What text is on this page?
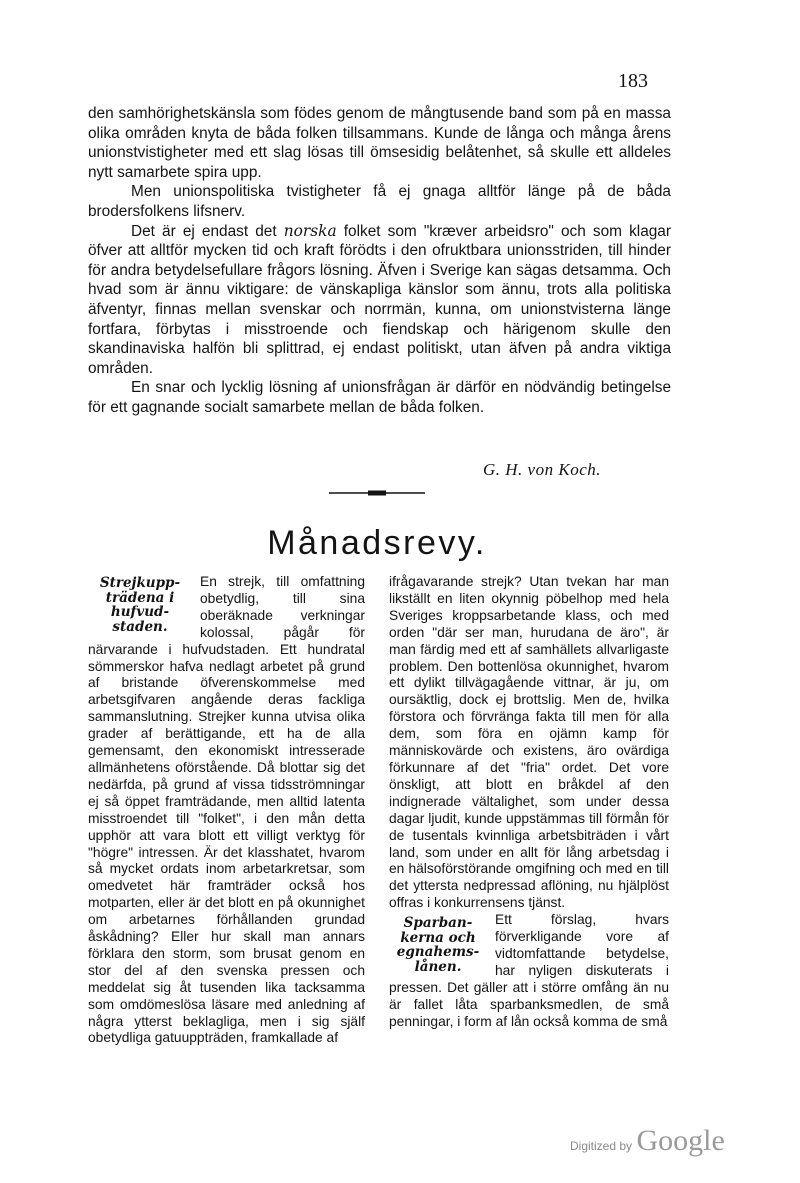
183

den samhörighetskänsla som födes genom de mångtusende band som på en massa olika områden knyta de båda folken tillsammans. Kunde de långa och många årens unionstvistigheter med ett slag lösas till ömsesidig belåtenhet, så skulle ett alldeles nytt samarbete spira upp.

Men unionspolitiska tvistigheter få ej gnaga alltför länge på de båda brodersfolkens lifsnerv.

Det är ej endast det norska folket som "kræver arbeidsro" och som klagar öfver att alltför mycken tid och kraft förödts i den ofruktbara unionsstriden, till hinder för andra betydelsefullare frågors lösning. Äfven i Sverige kan sägas detsamma. Och hvad som är ännu viktigare: de vänskapliga känslor som ännu, trots alla politiska äfventyr, finnas mellan svenskar och norrmän, kunna, om unionstvisterna länge fortfara, förbytas i misstroende och fiendskap och härigenom skulle den skandinaviska halfön bli splittrad, ej endast politiskt, utan äfven på andra viktiga områden.

En snar och lycklig lösning af unionsfrågan är därför en nödvändig betingelse för ett gagnande socialt samarbete mellan de båda folken.

G. H. von Koch.
Månadsrevy.
Strejkupp-trädena i hufvud-staden.

En strejk, till omfattning obetydlig, till sina oberäknade verkningar kolossal, pågår för närvarande i hufvudstaden. Ett hundratal sömmerskor hafva nedlagt arbetet på grund af bristande öfverenskommelse med arbetsgifvaren angående deras fackliga sammanslutning. Strejker kunna utvisa olika grader af berättigande, ett ha de alla gemensamt, den ekonomiskt intresserade allmänhetens oförstående. Då blottar sig det nedärfda, på grund af vissa tidsströmningar ej så öppet framträdande, men alltid latenta misstroendet till "folket", i den mån detta upphör att vara blott ett villigt verktyg för "högre" intressen. Är det klasshatet, hvarom så mycket ordats inom arbetarkretsar, som omedvetet här framträder också hos motparten, eller är det blott en på okunnighet om arbetarnes förhållanden grundad åskådning? Eller hur skall man annars förklara den storm, som brusat genom en stor del af den svenska pressen och meddelat sig åt tusenden lika tacksamma som omdömeslösa läsare med anledning af några ytterst beklagliga, men i sig själf obetydliga gatuuppträden, framkallade af

ifrågavarande strejk? Utan tvekan har man likställt en liten okynnig pöbelhop med hela Sveriges kroppsarbetande klass, och med orden "där ser man, hurudana de äro", är man färdig med ett af samhällets allvarligaste problem. Den bottenlösa okunnighet, hvarom ett dylikt tillvägagående vittnar, är ju, om oursäktlig, dock ej brottslig. Men de, hvilka förstora och förvränga fakta till men för alla dem, som föra en ojämn kamp för människovärde och existens, äro ovärdiga förkunnare af det "fria" ordet. Det vore önskligt, att blott en bråkdel af den indignerade vältalighet, som under dessa dagar ljudit, kunde uppstämmas till förmån för de tusentals kvinnliga arbetsbiträden i vårt land, som under en allt för lång arbetsdag i en hälsoförstörande omgifning och med en till det yttersta nedpressad aflöning, nu hjälplöst offras i konkurrensens tjänst.

Sparban-kerna och egnahems-lånen.

Ett förslag, hvars förverkligande vore af vidtomfattande betydelse, har nyligen diskuterats i pressen. Det gäller att i större omfång än nu är fallet låta sparbanksmedlen, de små penningar, i form af lån också komma de små

Digitized by Google
